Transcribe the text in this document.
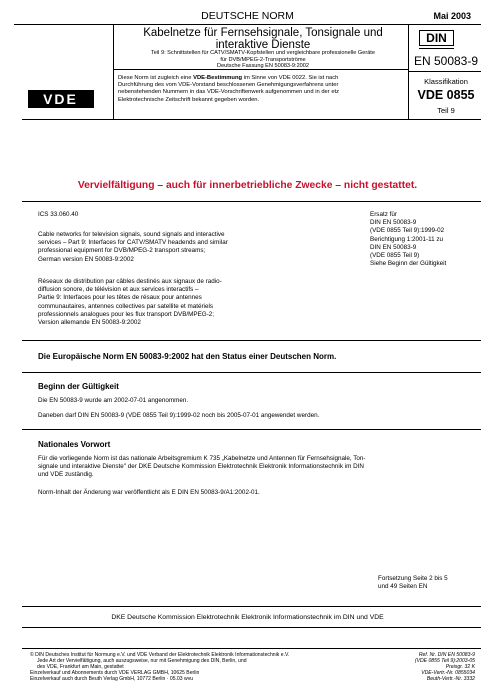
DEUTSCHE NORM	Mai 2003
Kabelnetze für Fernsehsignale, Tonsignale und
interaktive Dienste
Teil 9: Schnittstellen für CATV/SMATV-Kopfstellen und vergleichbare professionelle Geräte
für DVB/MPEG-2-Transportströme
Deutsche Fassung EN 50083-9:2002
DIN
EN 50083-9
VDE
Diese Norm ist zugleich eine VDE-Bestimmung im Sinne von VDE 0022. Sie ist nach
Durchführung des vom VDE-Vorstand beschlossenen Genehmigungsverfahrens unter
nebenstehenden Nummern in das VDE-Vorschriftenwerk aufgenommen und in der etz
Elektrotechnische Zeitschrift bekannt gegeben worden.
Klassifikation
VDE 0855
Teil 9
Vervielfältigung – auch für innerbetriebliche Zwecke – nicht gestattet.
ICS 33.060.40	Ersatz für
DIN EN 50083-9
(VDE 0855 Teil 9):1999-02
Berichtigung 1:2001-11 zu
DIN EN 50083-9
(VDE 0855 Teil 9)
Siehe Beginn der Gültigkeit
Cable networks for television signals, sound signals and interactive
services – Part 9: Interfaces for CATV/SMATV headends and similar
professional equipment for DVB/MPEG-2 transport streams;
German version EN 50083-9:2002
Réseaux de distribution par câbles destinés aux signaux de radio-
diffusion sonore, de télévision et aux services interactifs –
Partie 9: Interfaces pour les têtes de résaux pour antennes
communautaires, antennes collectives par satellite et matériels
professionnels analogues pour les flux transport DVB/MPEG-2;
Version allemande EN 50083-9:2002
Die Europäische Norm EN 50083-9:2002 hat den Status einer Deutschen Norm.
Beginn der Gültigkeit
Die EN 50083-9 wurde am 2002-07-01 angenommen.
Daneben darf DIN EN 50083-9 (VDE 0855 Teil 9):1999-02 noch bis 2005-07-01 angewendet werden.
Nationales Vorwort
Für die vorliegende Norm ist das nationale Arbeitsgremium K 735 „Kabelnetze und Antennen für Fernsehsignale, Ton-
signale und interaktive Dienste" der DKE Deutsche Kommission Elektrotechnik Elektronik Informationstechnik im DIN
und VDE zuständig.
Norm-Inhalt der Änderung war veröffentlicht als E DIN EN 50083-9/A1:2002-01.
Fortsetzung Seite 2 bis 5
und 49 Seiten EN
DKE Deutsche Kommission Elektrotechnik Elektronik Informationstechnik im DIN und VDE
© DIN Deutsches Institut für Normung e.V. und VDE Verband der Elektrotechnik Elektronik Informationstechnik e.V.
Jede Art der Vervielfältigung, auch auszugsweise, nur mit Genehmigung des DIN, Berlin, und
des VDE, Frankfurt am Main, gestattet
Einzelverkauf und Abonnements durch VDE VERLAG GMBH, 10625 Berlin
Einzelverkauf auch durch Beuth Verlag GmbH, 10772 Berlin · 05.03 wvu
Ref. Nr. DIN EN 50083-9
(VDE 0855 Teil 9):2003-05
Preisgr. 32 K
VDE-Vertr.-Nr. 0855034
Beuth-Vertr.-Nr. 3332
